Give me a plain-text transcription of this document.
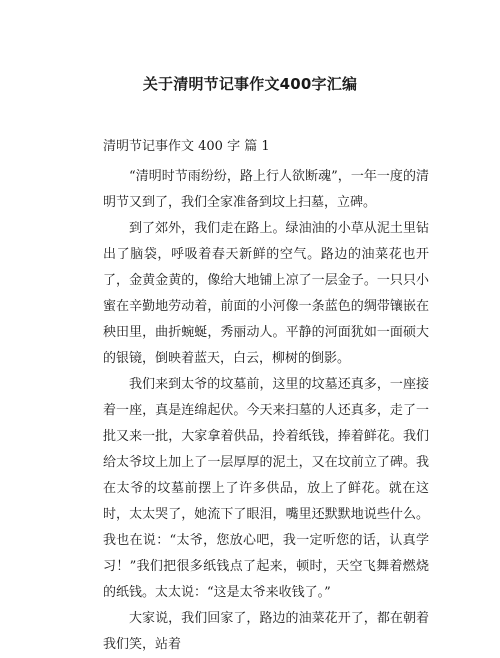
关于清明节记事作文400字汇编
清明节记事作文 400 字 篇 1

“清明时节雨纷纷，路上行人欲断魂”，一年一度的清明节又到了，我们全家准备到坟上扫墓，立碑。

到了郊外，我们走在路上。绿油油的小草从泥土里钻出了脑袋，呼吸着春天新鲜的空气。路边的油菜花也开了，金黄金黄的，像给大地铺上凉了一层金子。一只只小蜜在辛勤地劳动着，前面的小河像一条蓝色的绸带镶嵌在秧田里，曲折蜿蜒，秀丽动人。平静的河面犹如一面硕大的银镜，倒映着蓝天，白云，柳树的倒影。

我们来到太爷的坟墓前，这里的坟墓还真多，一座接着一座，真是连绵起伏。今天来扫墓的人还真多，走了一批又来一批，大家拿着供品，拎着纸钱，捧着鲜花。我们给太爷坟上加上了一层厚厚的泥土，又在坟前立了碑。我在太爷的坟墓前摆上了许多供品，放上了鲜花。就在这时，太太哭了，她流下了眼泪，嘴里还默默地说些什么。我也在说：“太爷，您放心吧，我一定听您的话，认真学习！”我们把很多纸钱点了起来，顿时，天空飞舞着燃烧的纸钱。太太说：“这是太爷来收钱了。”

大家说，我们回家了，路边的油菜花开了，都在朝着我们笑，站着
